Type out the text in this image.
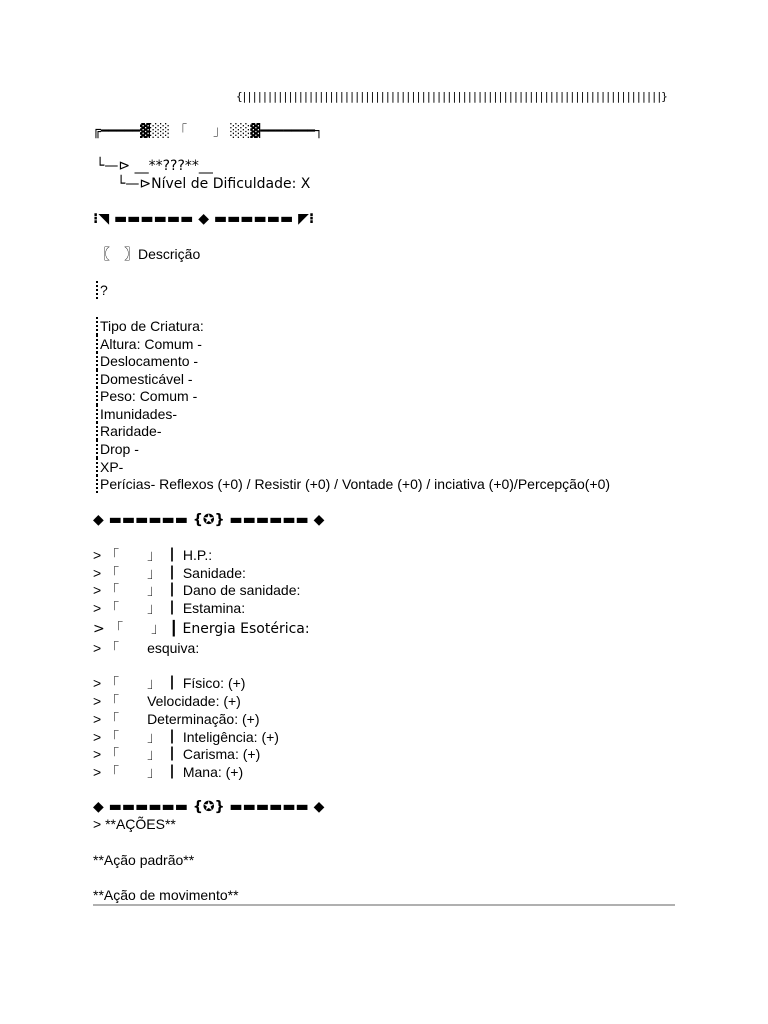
{||||||||||||||||||||||||||||||||||||||||||||||||||||||||||||||||||||||||||||||||||}
╔━━━━━▓░░ 「　　」 ░░▓━━━━━━━┐
└—⊳ __**???**__
└—⊳Nível de Dificuldade: X
⁝◥ ▬▬▬▬▬▬ ◆ ▬▬▬▬▬▬ ◤⁝
〖　〗Descrição
?
Tipo de Criatura:
Altura: Comum -
Deslocamento -
Domesticável -
Peso: Comum -
Imunidades-
Raridade-
Drop -
XP-
Perícias- Reflexos (+0) / Resistir (+0) / Vontade (+0) / inciativa (+0)/Percepção(+0)
◆ ▬▬▬▬▬▬ {✪} ▬▬▬▬▬▬ ◆
> 「　　」 ┃ H.P.:
> 「　　」 ┃ Sanidade:
> 「　　」 ┃ Dano de sanidade:
> 「　　」 ┃ Estamina:
> 「　　」 ┃ Energia Esotérica:
> 「　　esquiva:
> 「　　」 ┃ Físico: (+)
> 「　　Velocidade: (+)
> 「　　Determinação: (+)
> 「　　」 ┃ Inteligência: (+)
> 「　　」 ┃ Carisma: (+)
> 「　　」 ┃ Mana: (+)
◆ ▬▬▬▬▬▬ {✪} ▬▬▬▬▬▬ ◆
> **AÇÕES**
**Ação padrão**
**Ação de movimento**
